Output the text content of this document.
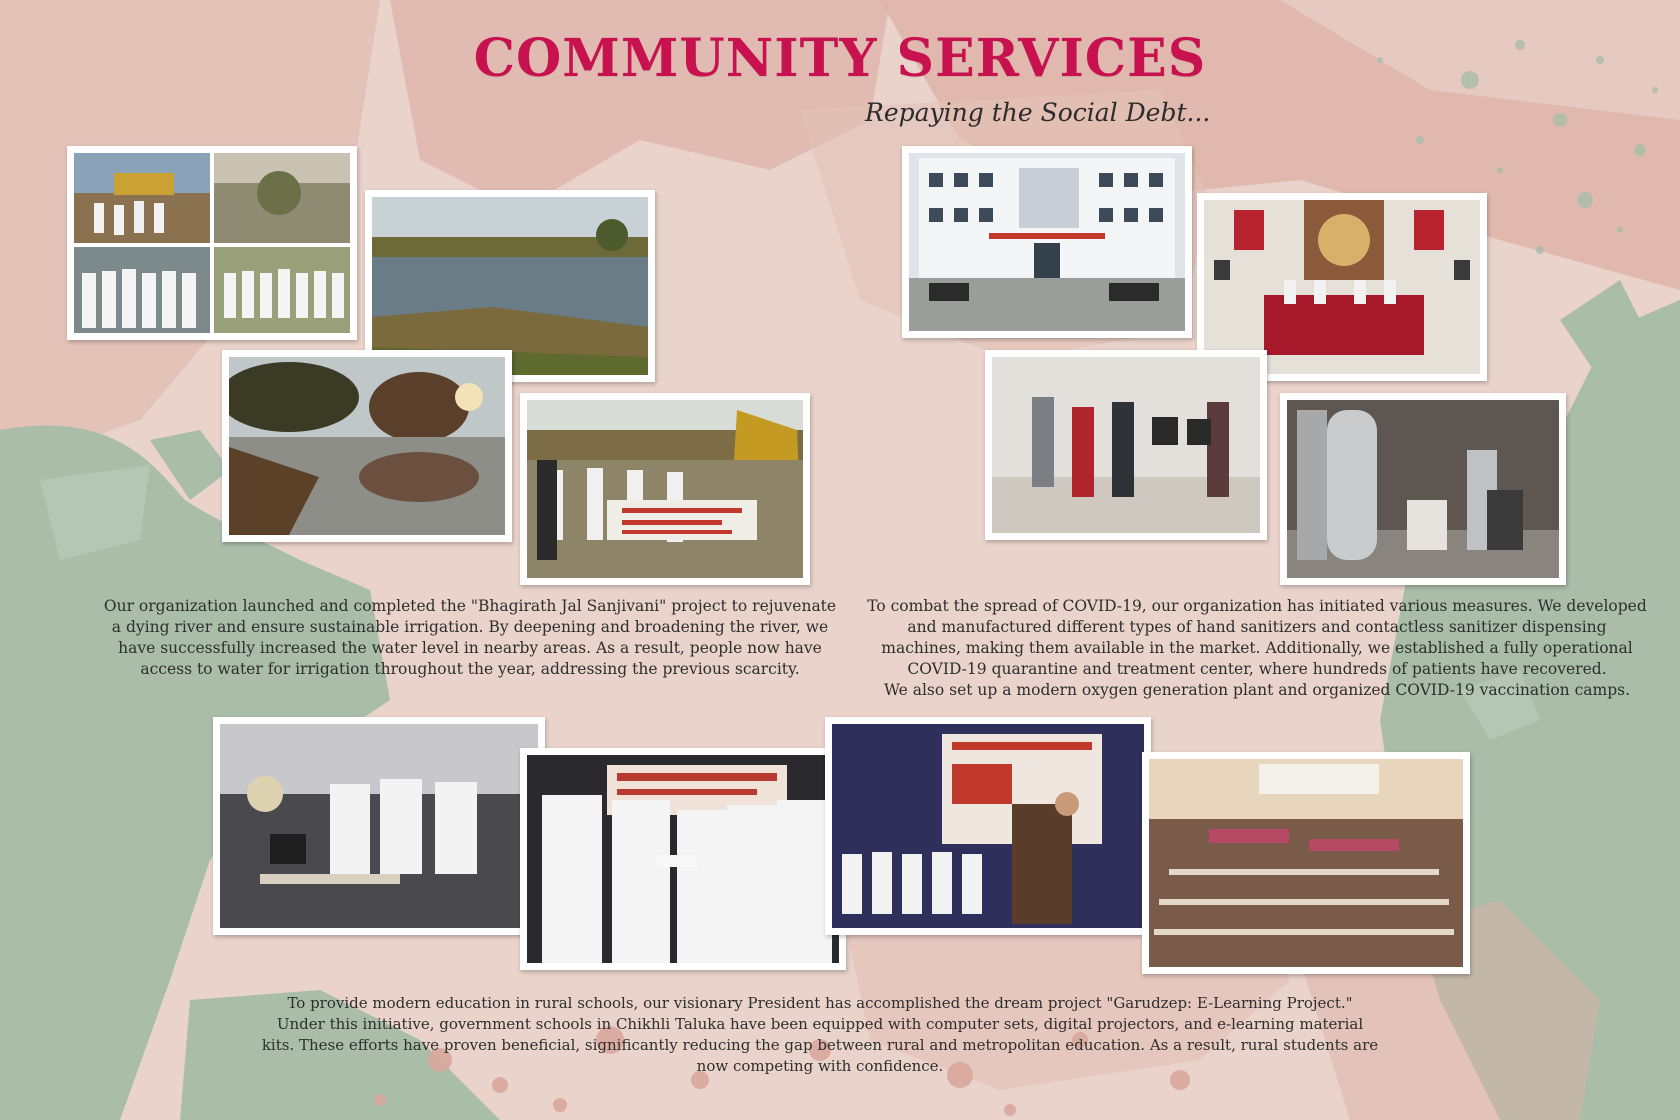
COMMUNITY SERVICES
Repaying the Social Debt...
Our organization launched and completed the "Bhagirath Jal Sanjivani" project to rejuvenate
a dying river and ensure sustainable irrigation. By deepening and broadening the river, we
have successfully increased the water level in nearby areas. As a result, people now have
access to water for irrigation throughout the year, addressing the previous scarcity.
To combat the spread of COVID-19, our organization has initiated various measures. We developed
and manufactured different types of hand sanitizers and contactless sanitizer dispensing
machines, making them available in the market. Additionally, we established a fully operational
COVID-19 quarantine and treatment center, where hundreds of patients have recovered.
We also set up a modern oxygen generation plant and organized COVID-19 vaccination camps.
To provide modern education in rural schools, our visionary President has accomplished the dream project "Garudzep: E-Learning Project."
Under this initiative, government schools in Chikhli Taluka have been equipped with computer sets, digital projectors, and e-learning material
kits. These efforts have proven beneficial, significantly reducing the gap between rural and metropolitan education. As a result, rural students are
now competing with confidence.
